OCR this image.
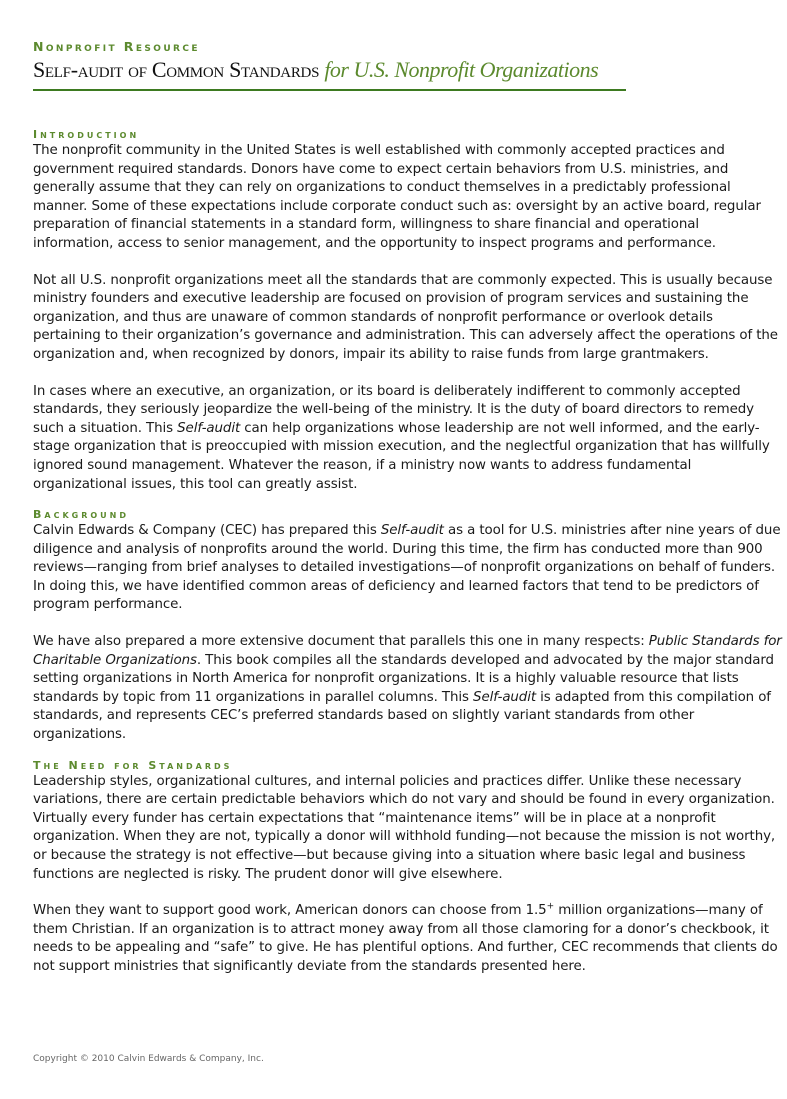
Nonprofit Resource
Self-audit of Common Standards for U.S. Nonprofit Organizations
Introduction

The nonprofit community in the United States is well established with commonly accepted practices and government required standards. Donors have come to expect certain behaviors from U.S. ministries, and generally assume that they can rely on organizations to conduct themselves in a predictably professional manner. Some of these expectations include corporate conduct such as: oversight by an active board, regular preparation of financial statements in a standard form, willingness to share financial and operational information, access to senior management, and the opportunity to inspect programs and performance.

Not all U.S. nonprofit organizations meet all the standards that are commonly expected. This is usually because ministry founders and executive leadership are focused on provision of program services and sustaining the organization, and thus are unaware of common standards of nonprofit performance or overlook details pertaining to their organization’s governance and administration. This can adversely affect the operations of the organization and, when recognized by donors, impair its ability to raise funds from large grantmakers.

In cases where an executive, an organization, or its board is deliberately indifferent to commonly accepted standards, they seriously jeopardize the well-being of the ministry. It is the duty of board directors to remedy such a situation. This Self-audit can help organizations whose leadership are not well informed, and the early-stage organization that is preoccupied with mission execution, and the neglectful organization that has willfully ignored sound management. Whatever the reason, if a ministry now wants to address fundamental organizational issues, this tool can greatly assist.

Background

Calvin Edwards & Company (CEC) has prepared this Self-audit as a tool for U.S. ministries after nine years of due diligence and analysis of nonprofits around the world. During this time, the firm has conducted more than 900 reviews—ranging from brief analyses to detailed investigations—of nonprofit organizations on behalf of funders. In doing this, we have identified common areas of deficiency and learned factors that tend to be predictors of program performance.

We have also prepared a more extensive document that parallels this one in many respects: Public Standards for Charitable Organizations. This book compiles all the standards developed and advocated by the major standard setting organizations in North America for nonprofit organizations. It is a highly valuable resource that lists standards by topic from 11 organizations in parallel columns. This Self-audit is adapted from this compilation of standards, and represents CEC’s preferred standards based on slightly variant standards from other organizations.

The Need for Standards

Leadership styles, organizational cultures, and internal policies and practices differ. Unlike these necessary variations, there are certain predictable behaviors which do not vary and should be found in every organization. Virtually every funder has certain expectations that “maintenance items” will be in place at a nonprofit organization. When they are not, typically a donor will withhold funding—not because the mission is not worthy, or because the strategy is not effective—but because giving into a situation where basic legal and business functions are neglected is risky. The prudent donor will give elsewhere.

When they want to support good work, American donors can choose from 1.5+ million organizations—many of them Christian. If an organization is to attract money away from all those clamoring for a donor’s checkbook, it needs to be appealing and “safe” to give. He has plentiful options. And further, CEC recommends that clients do not support ministries that significantly deviate from the standards presented here.

Copyright © 2010 Calvin Edwards & Company, Inc.
